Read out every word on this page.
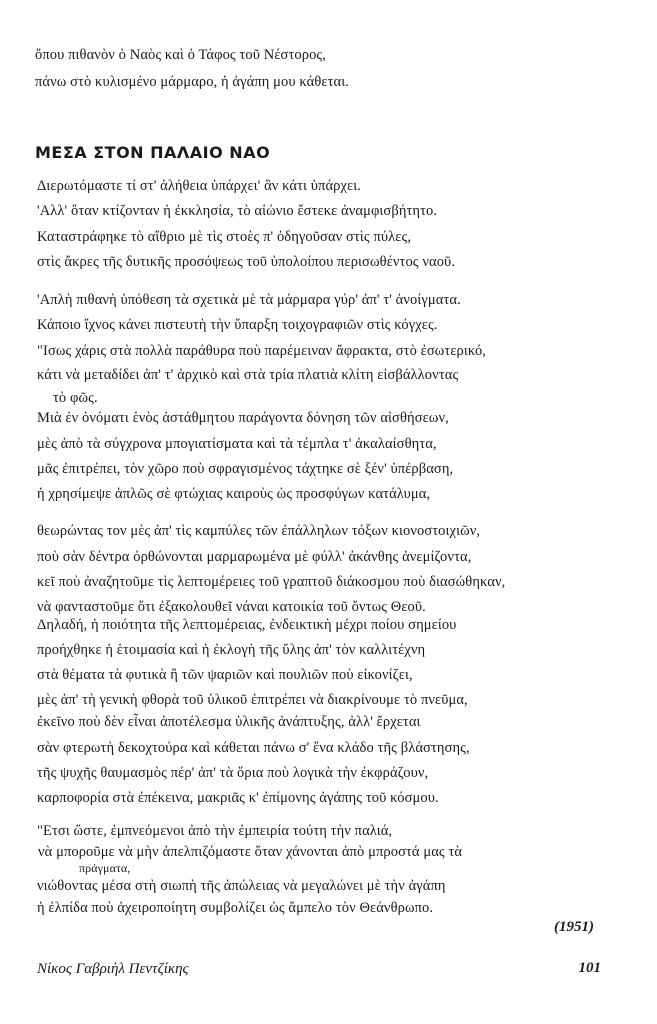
ὅπου πιθανὸν ὁ Ναὸς καὶ ὁ Τάφος τοῦ Νέστορος,
πάνω στὸ κυλισμένο μάρμαρο, ἡ ἀγάπη μου κάθεται.
ΜΕΣΑ ΣΤΟΝ ΠΑΛΑΙΟ ΝΑΟ
Διερωτόμαστε τί στ' ἀλήθεια ὑπάρχει' ἂν κάτι ὑπάρχει.
'Αλλ' ὅταν κτίζονταν ἡ ἐκκλησία, τὸ αἰώνιο ἔστεκε ἀναμφισβήτητο.
Καταστράφηκε τὸ αἴθριο μὲ τὶς στοὲς π' ὁδηγοῦσαν στὶς πύλες,
στὶς ἄκρες τῆς δυτικῆς προσόψεως τοῦ ὑπολοίπου περισωθέντος ναοῦ.
'Απλὴ πιθανὴ ὑπόθεση τὰ σχετικὰ μὲ τὰ μάρμαρα γύρ' ἀπ' τ' ἀνοίγματα.
Κάποιο ἴχνος κάνει πιστευτὴ τὴν ὕπαρξη τοιχογραφιῶν στὶς κόγχες.
"Ισως χάρις στὰ πολλὰ παράθυρα ποὺ παρέμειναν ἄφρακτα, στὸ ἐσωτερικό,
κάτι νὰ μεταδίδει ἀπ' τ' ἀρχικὸ καὶ στὰ τρία πλατιὰ κλίτη εἰσβάλλοντας
τὸ φῶς.
Μιὰ ἐν ὀνόματι ἑνὸς ἀστάθμητου παράγοντα δόνηση τῶν αἰσθήσεων,
μὲς ἀπὸ τὰ σύγχρονα μπογιατίσματα καὶ τὰ τέμπλα τ' ἀκαλαίσθητα,
μᾶς ἐπιτρέπει, τὸν χῶρο ποὺ σφραγισμένος τάχτηκε σὲ ξέν' ὑπέρβαση,
ἡ χρησίμεψε ἁπλῶς σὲ φτώχιας καιροὺς ὡς προσφύγων κατάλυμα,
θεωρώντας τον μὲς ἀπ' τὶς καμπύλες τῶν ἐπάλληλων τόξων κιονοστοιχιῶν,
ποὺ σὰν δέντρα ὀρθώνονται μαρμαρωμένα μὲ φύλλ' ἀκάνθης ἀνεμίζοντα,
κεῖ ποὺ ἀναζητοῦμε τὶς λεπτομέρειες τοῦ γραπτοῦ διάκοσμου ποὺ διασώθηκαν,
νὰ φανταστοῦμε ὅτι ἐξακολουθεῖ νάναι κατοικία τοῦ ὄντως Θεοῦ.
Δηλαδή, ἡ ποιότητα τῆς λεπτομέρειας, ἐνδεικτικὴ μέχρι ποίου σημείου
προήχθηκε ἡ ἑτοιμασία καὶ ἡ ἐκλογὴ τῆς ὕλης ἀπ' τὸν καλλιτέχνη
στὰ θέματα τὰ φυτικὰ ἢ τῶν ψαριῶν καὶ πουλιῶν ποὺ εἰκονίζει,
μὲς ἀπ' τὴ γενικὴ φθορὰ τοῦ ὑλικοῦ ἐπιτρέπει νὰ διακρίνουμε τὸ πνεῦμα,
ἐκεῖνο ποὺ δὲν εἶναι ἀποτέλεσμα ὑλικῆς ἀνάπτυξης, ἀλλ' ἔρχεται
σὰν φτερωτὴ δεκοχτούρα καὶ κάθεται πάνω σ' ἕνα κλάδο τῆς βλάστησης,
τῆς ψυχῆς θαυμασμὸς πέρ' ἀπ' τὰ ὅρια ποὺ λογικὰ τὴν ἐκφράζουν,
καρποφορία στὰ ἐπέκεινα, μακριᾶς κ' ἐπίμονης ἀγάπης τοῦ κόσμου.
"Ετσι ὥστε, ἐμπνεόμενοι ἀπὸ τὴν ἐμπειρία τούτη τὴν παλιά,
νὰ μποροῦμε νὰ μὴν ἀπελπιζόμαστε ὅταν χάνονται ἀπὸ μπροστά μας τὰ
πράγματα,
νιώθοντας μέσα στὴ σιωπὴ τῆς ἀπώλειας νὰ μεγαλώνει μὲ τὴν ἀγάπη
ἡ ἐλπίδα ποὺ ἀχειροποίητη συμβολίζει ὡς ἄμπελο τὸν Θεάνθρωπο.
(1951)
Νίκος Γαβριὴλ Πεντζίκης	101
